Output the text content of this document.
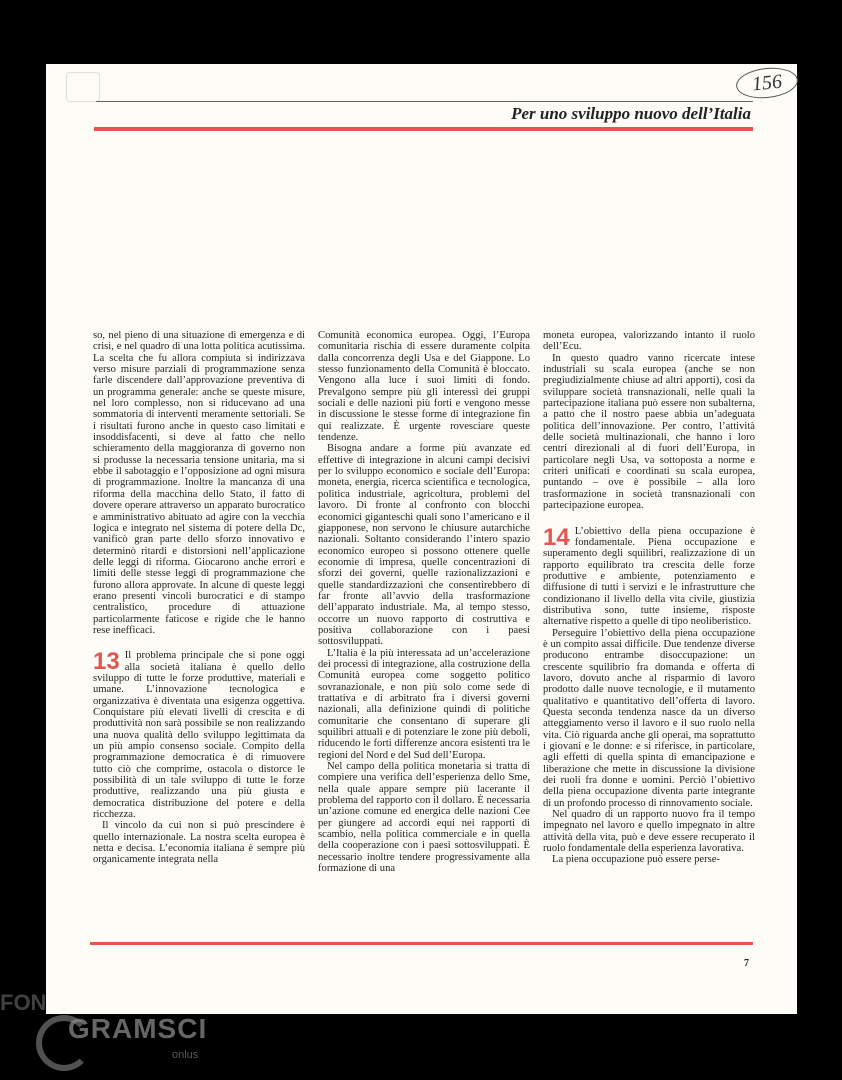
156
Per uno sviluppo nuovo dell’Italia

so, nel pieno di una situazione di emergenza e di crisi, e nel quadro di una lotta politica acutissima. La scelta che fu allora compiuta si indirizzava verso misure parziali di programmazione senza farle discendere dall’approvazione preventiva di un programma generale: anche se queste misure, nel loro complesso, non si riducevano ad una sommatoria di interventi meramente settoriali. Se i risultati furono anche in questo caso limitati e insoddisfacenti, si deve al fatto che nello schieramento della maggioranza di governo non si produsse la necessaria tensione unitaria, ma si ebbe il sabotaggio e l’opposizione ad ogni misura di programmazione. Inoltre la mancanza di una riforma della macchina dello Stato, il fatto di dovere operare attraverso un apparato burocratico e amministrativo abituato ad agire con la vecchia logica e integrato nel sistema di potere della Dc, vanificò gran parte dello sforzo innovativo e determinò ritardi e distorsioni nell’applicazione delle leggi di riforma. Giocarono anche errori e limiti delle stesse leggi di programmazione che furono allora approvate. In alcune di queste leggi erano presenti vincoli burocratici e di stampo centralistico, procedure di attuazione particolarmente faticose e rigide che le hanno rese inefficaci.

13 Il problema principale che si pone oggi alla società italiana è quello dello sviluppo di tutte le forze produttive, materiali e umane. L’innovazione tecnologica e organizzativa è diventata una esigenza oggettiva. Conquistare più elevati livelli di crescita e di produttività non sarà possibile se non realizzando una nuova qualità dello sviluppo legittimata da un più ampio consenso sociale. Compito della programmazione democratica è di rimuovere tutto ciò che comprime, ostacola o distorce le possibilità di un tale sviluppo di tutte le forze produttive, realizzando una più giusta e democratica distribuzione del potere e della ricchezza.

Il vincolo da cui non si può prescindere è quello internazionale. La nostra scelta europea è netta e decisa. L’economia italiana è sempre più organicamente integrata nella

Comunità economica europea. Oggi, l’Europa comunitaria rischia di essere duramente colpita dalla concorrenza degli Usa e del Giappone. Lo stesso funzionamento della Comunità è bloccato. Vengono alla luce i suoi limiti di fondo. Prevalgono sempre più gli interessi dei gruppi sociali e delle nazioni più forti e vengono messe in discussione le stesse forme di integrazione fin qui realizzate. È urgente rovesciare queste tendenze.

Bisogna andare a forme più avanzate ed effettive di integrazione in alcuni campi decisivi per lo sviluppo economico e sociale dell’Europa: moneta, energia, ricerca scientifica e tecnologica, politica industriale, agricoltura, problemi del lavoro. Di fronte al confronto con blocchi economici giganteschi quali sono l’americano e il giapponese, non servono le chiusure autarchiche nazionali. Soltanto considerando l’intero spazio economico europeo si possono ottenere quelle economie di impresa, quelle concentrazioni di sforzi dei governi, quelle razionalizzazioni e quelle standardizzazioni che consentirebbero di far fronte all’avvio della trasformazione dell’apparato industriale. Ma, al tempo stesso, occorre un nuovo rapporto di costruttiva e positiva collaborazione con i paesi sottosviluppati.

L’Italia è la più interessata ad un’accelerazione dei processi di integrazione, alla costruzione della Comunità europea come soggetto politico sovranazionale, e non più solo come sede di trattativa e di arbitrato fra i diversi governi nazionali, alla definizione quindi di politiche comunitarie che consentano di superare gli squilibri attuali e di potenziare le zone più deboli, riducendo le forti differenze ancora esistenti tra le regioni del Nord e del Sud dell’Europa.

Nel campo della politica monetaria si tratta di compiere una verifica dell’esperienza dello Sme, nella quale appare sempre più lacerante il problema del rapporto con il dollaro. È necessaria un’azione comune ed energica delle nazioni Cee per giungere ad accordi equi nei rapporti di scambio, nella politica commerciale e in quella della cooperazione con i paesi sottosviluppati. È necessario inoltre tendere progressivamente alla formazione di una

moneta europea, valorizzando intanto il ruolo dell’Ecu.

In questo quadro vanno ricercate intese industriali su scala europea (anche se non pregiudizialmente chiuse ad altri apporti), così da sviluppare società transnazionali, nelle quali la partecipazione italiana può essere non subalterna, a patto che il nostro paese abbia un’adeguata politica dell’innovazione. Per contro, l’attività delle società multinazionali, che hanno i loro centri direzionali al di fuori dell’Europa, in particolare negli Usa, va sottoposta a norme e criteri unificati e coordinati su scala europea, puntando – ove è possibile – alla loro trasformazione in società transnazionali con partecipazione europea.

14 L’obiettivo della piena occupazione è fondamentale. Piena occupazione e superamento degli squilibri, realizzazione di un rapporto equilibrato tra crescita delle forze produttive e ambiente, potenziamento e diffusione di tutti i servizi e le infrastrutture che condizionano il livello della vita civile, giustizia distributiva sono, tutte insieme, risposte alternative rispetto a quelle di tipo neoliberistico.

Perseguire l’obiettivo della piena occupazione è un compito assai difficile. Due tendenze diverse producono entrambe disoccupazione: un crescente squilibrio fra domanda e offerta di lavoro, dovuto anche al risparmio di lavoro prodotto dalle nuove tecnologie, e il mutamento qualitativo e quantitativo dell’offerta di lavoro. Questa seconda tendenza nasce da un diverso atteggiamento verso il lavoro e il suo ruolo nella vita. Ciò riguarda anche gli operai, ma soprattutto i giovani e le donne: e si riferisce, in particolare, agli effetti di quella spinta di emancipazione e liberazione che mette in discussione la divisione dei ruoli fra donne e uomini. Perciò l’obiettivo della piena occupazione diventa parte integrante di un profondo processo di rinnovamento sociale.

Nel quadro di un rapporto nuovo fra il tempo impegnato nel lavoro e quello impegnato in altre attività della vita, può e deve essere recuperato il ruolo fondamentale della esperienza lavorativa.

La piena occupazione può essere perse-

7
FON
GRAMSCI
onlus
